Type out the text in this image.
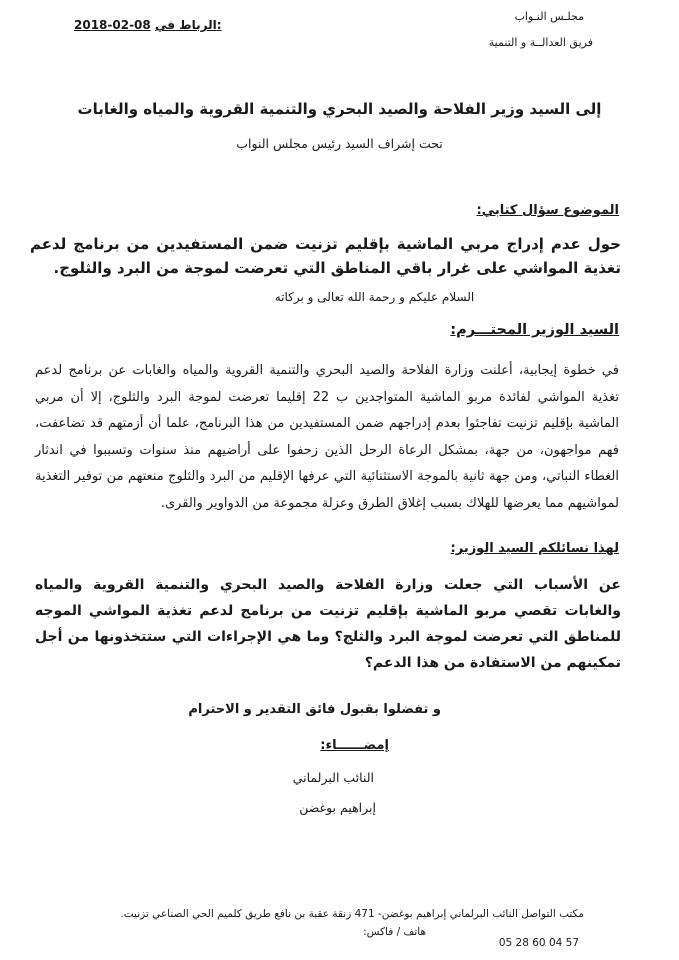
مجلـس النـواب
فريق العدالــة و التنمية
2018-02-08 الرباط في:
إلى السيد وزير الفلاحة والصيد البحري والتنمية القروية والمياه والغابات
تحت إشراف السيد رئيس مجلس النواب
الموضوع سؤال كتابي:
حول عدم إدراج مربي الماشية بإقليم تزنيت ضمن المستفيدين من برنامج لدعم تغذية المواشي على غرار باقي المناطق التي تعرضت لموجة من البرد والثلوج.
السلام عليكم و رحمة الله تعالى و بركاته
السيد الوزير المحتـــرم:
في خطوة إيجابية، أعلنت وزارة الفلاحة والصيد البحري والتنمية القروية والمياه والغابات عن برنامج لدعم تغذية المواشي لفائدة مربو الماشية المتواجدين ب 22 إقليما تعرضت لموجة البرد والثلوج، إلا أن مربي الماشية بإقليم تزنيت تفاجئوا بعدم إدراجهم ضمن المستفيدين من هذا البرنامج، علما أن أزمتهم قد تضاعفت، فهم مواجهون، من جهة، بمشكل الرعاة الرحل الذين زحفوا على أراضيهم منذ سنوات وتسببوا في اندثار الغطاء النباتي، ومن جهة ثانية بالموجة الاستثنائية التي عرفها الإقليم من البرد والثلوج منعتهم من توفير التغذية لمواشيهم مما يعرضها للهلاك بسبب إغلاق الطرق وعزلة مجموعة من الدواوير والقرى.
لهذا نسائلكم السيد الوزير:
عن الأسباب التي جعلت وزارة الفلاحة والصيد البحري والتنمية القروية والمياه والغابات تقصي مربو الماشية بإقليم تزنيت من برنامج لدعم تغذية المواشي الموجه للمناطق التي تعرضت لموجة البرد والثلج؟ وما هي الإجراءات التي ستتخذونها من أجل تمكينهم من الاستفادة من هذا الدعم؟
و تفضلوا بقبول فائق التقدير و الاحترام
إمضــــــاء:
النائب البرلماني
إبراهيم بوغضن
مكتب التواصل النائب البرلماني إبراهيم بوغضن- 471 زنقة عقبة بن نافع طريق كلميم الحي الصناعي تزنيت.
هاتف / فاكس:
05 28 60 04 57
